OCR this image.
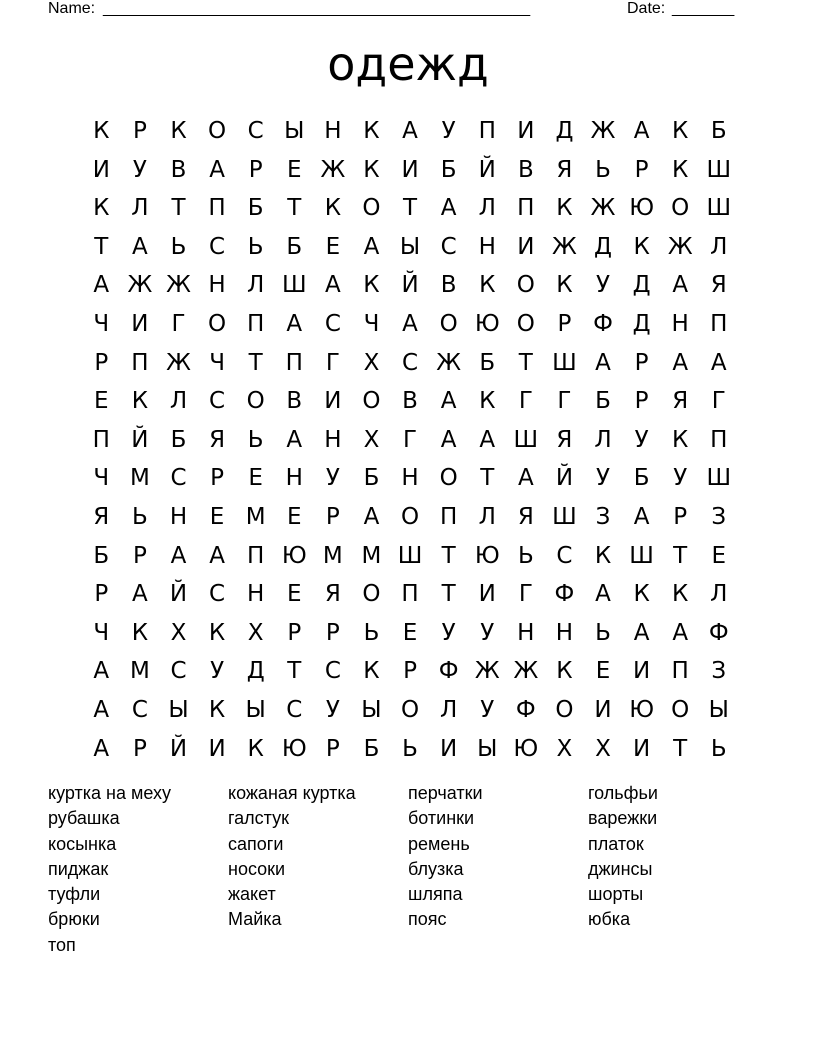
Name: ________________________________________________	Date: _______
одежд
К	Р	К О С Ы Н К А	У П И Д Ж А К Б
И У	В А	Р	Е Ж К И Б Й В Я Ь	Р	К Ш
К Л Т П Б	Т	К О Т	А Л П К Ж Ю О Ш
Т	А Ь С Ь Б	Е	А Ы С Н И Ж Д К Ж Л
А Ж Ж Н Л Ш А К Й В К О К	У Д А Я
Ч И Г О П А С Ч А О Ю О Р Ф Д Н П
Р	П Ж Ч	Т П Г	Х С Ж Б	Т Ш А	Р	А А
Е	К Л С О В И О В А К	Г	Г	Б	Р	Я	Г
П Й Б Я Ь А Н Х	Г	А А Ш Я Л У	К П
Ч М С	Р	Е Н У	Б Н О Т	А Й У	Б	У Ш
Я Ь Н Е М Е	Р	А О П Л Я Ш З	А	Р	З
Б	Р	А А П Ю М М Ш Т Ю Ь С К Ш Т	Е
Р	А Й С Н Е	Я О П Т И Г Ф А К К Л
Ч К Х К Х	Р	Р	Ь	Е	У	У Н Н Ь А А Ф
А М С	У Д Т	С К	Р Ф Ж Ж К	Е И П З
А С Ы К Ы С	У Ы О Л У Ф О И Ю О Ы
А	Р	Й И К Ю Р	Б Ь И Ы Ю Х Х И Т	Ь
куртка на меху	кожаная куртка	перчатки	гольфьи
рубашка	галстук	ботинки	варежки
косынка	сапоги	ремень	платок
пиджак	носоки	блузка	джинсы
туфли	жакет	шляпа	шорты
брюки	Майка	пояс	юбка
топ
